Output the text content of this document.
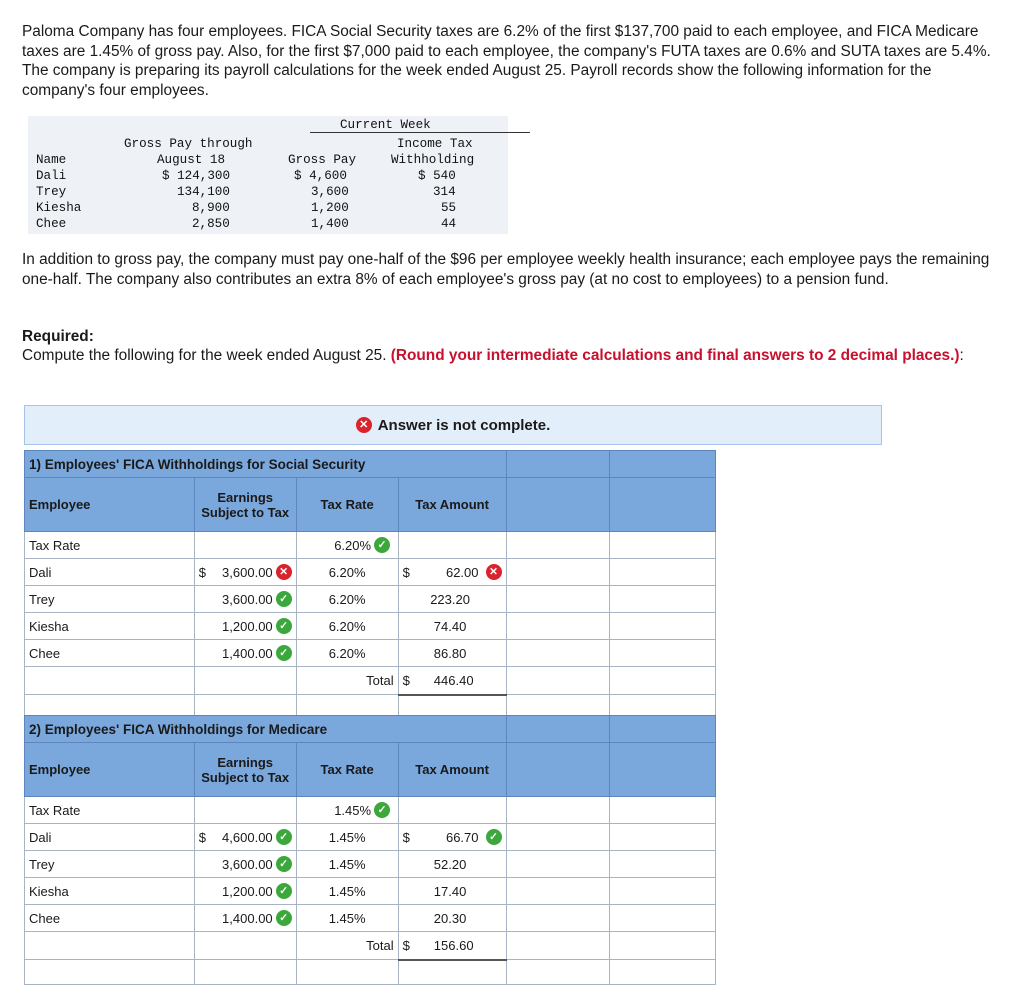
Paloma Company has four employees. FICA Social Security taxes are 6.2% of the first $137,700 paid to each employee, and FICA Medicare taxes are 1.45% of gross pay. Also, for the first $7,000 paid to each employee, the company's FUTA taxes are 0.6% and SUTA taxes are 5.4%. The company is preparing its payroll calculations for the week ended August 25. Payroll records show the following information for the company's four employees.

Current Week
Gross Pay through	Income Tax
Name	August 18	Gross Pay	Withholding
Dali	$ 124,300	$ 4,600	$ 540
Trey	134,100	3,600	314
Kiesha	8,900	1,200	55
Chee	2,850	1,400	44

In addition to gross pay, the company must pay one-half of the $96 per employee weekly health insurance; each employee pays the remaining one-half. The company also contributes an extra 8% of each employee's gross pay (at no cost to employees) to a pension fund.

Required:

Compute the following for the week ended August 25. (Round your intermediate calculations and final answers to 2 decimal places.):

✕ Answer is not complete.
1) Employees' FICA Withholdings for Social Security					
Employee	Earnings Subject to Tax	Tax Rate	Tax Amount		
Tax Rate		6.20% ✓			

Dali	$ 3,600.00 ✕	6.20%	$ 62.00 ✕		

Trey	3,600.00 ✓	6.20%	223.20		

Kiesha	1,200.00 ✓	6.20%	74.40		

Chee	1,400.00 ✓	6.20%	86.80		

		Total	$ 446.40		

2) Employees' FICA Withholdings for Medicare					
Employee	Earnings Subject to Tax	Tax Rate	Tax Amount		
Tax Rate		1.45% ✓			

Dali	$ 4,600.00 ✓	1.45%	$ 66.70 ✓		

Trey	3,600.00 ✓	1.45%	52.20		

Kiesha	1,200.00 ✓	1.45%	17.40		

Chee	1,400.00 ✓	1.45%	20.30		

		Total	$ 156.60		
